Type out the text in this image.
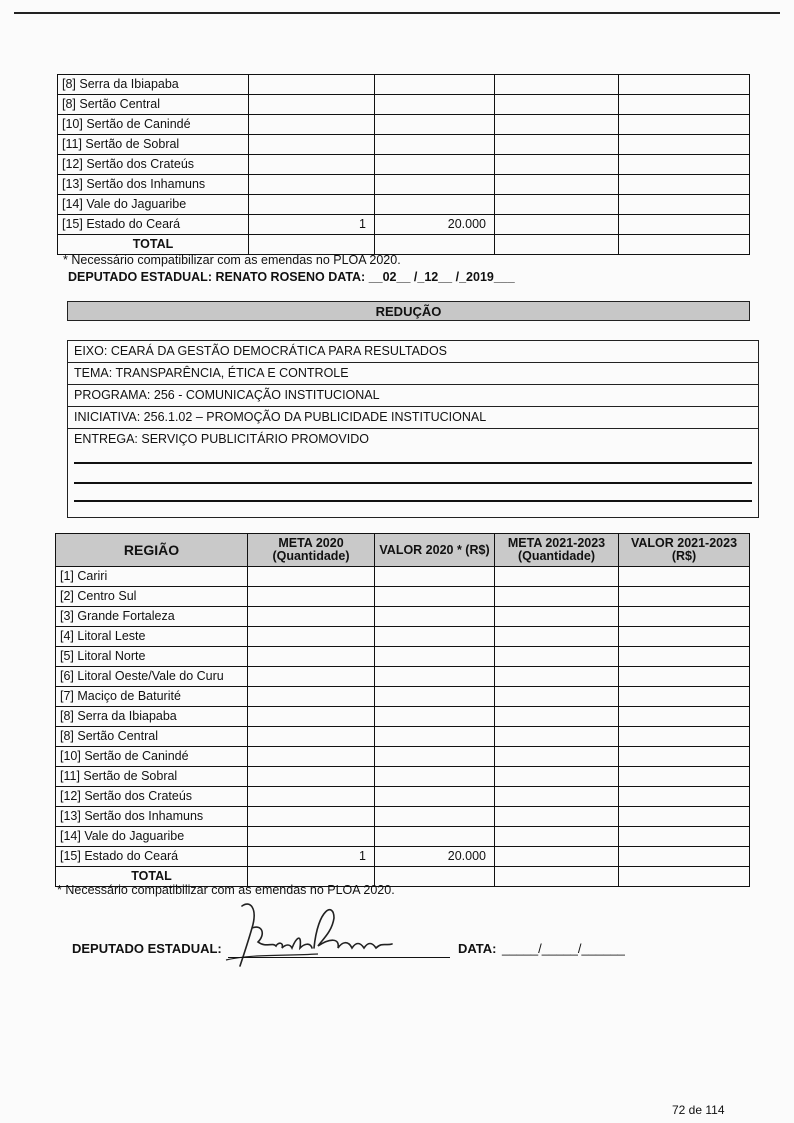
[8] Serra da Ibiapaba				
[8] Sertão Central				
[10] Sertão de Canindé				
[11] Sertão de Sobral				
[12] Sertão dos Crateús				
[13] Sertão dos Inhamuns				
[14] Vale do Jaguaribe				
[15] Estado do Ceará	1	20.000		
TOTAL				
* Necessário compatibilizar com as emendas no PLOA 2020.
DEPUTADO ESTADUAL: RENATO ROSENO DATA: __02__ /_12__ /_2019___
REDUÇÃO
EIXO: CEARÁ DA GESTÃO DEMOCRÁTICA PARA RESULTADOS
TEMA: TRANSPARÊNCIA, ÉTICA E CONTROLE
PROGRAMA: 256 - COMUNICAÇÃO INSTITUCIONAL
INICIATIVA: 256.1.02 – PROMOÇÃO DA PUBLICIDADE INSTITUCIONAL
ENTREGA: SERVIÇO PUBLICITÁRIO PROMOVIDO
REGIÃO	META 2020 (Quantidade)	VALOR 2020 * (R$)	META 2021-2023 (Quantidade)	VALOR 2021-2023 (R$)
[1] Cariri				
[2] Centro Sul				
[3] Grande Fortaleza				
[4] Litoral Leste				
[5] Litoral Norte				
[6] Litoral Oeste/Vale do Curu				
[7] Maciço de Baturité				
[8] Serra da Ibiapaba				
[8] Sertão Central				
[10] Sertão de Canindé				
[11] Sertão de Sobral				
[12] Sertão dos Crateús				
[13] Sertão dos Inhamuns				
[14] Vale do Jaguaribe				
[15] Estado do Ceará	1	20.000		
TOTAL				
* Necessário compatibilizar com as emendas no PLOA 2020.
DEPUTADO ESTADUAL:	DATA: _____/_____/______
72 de 114
